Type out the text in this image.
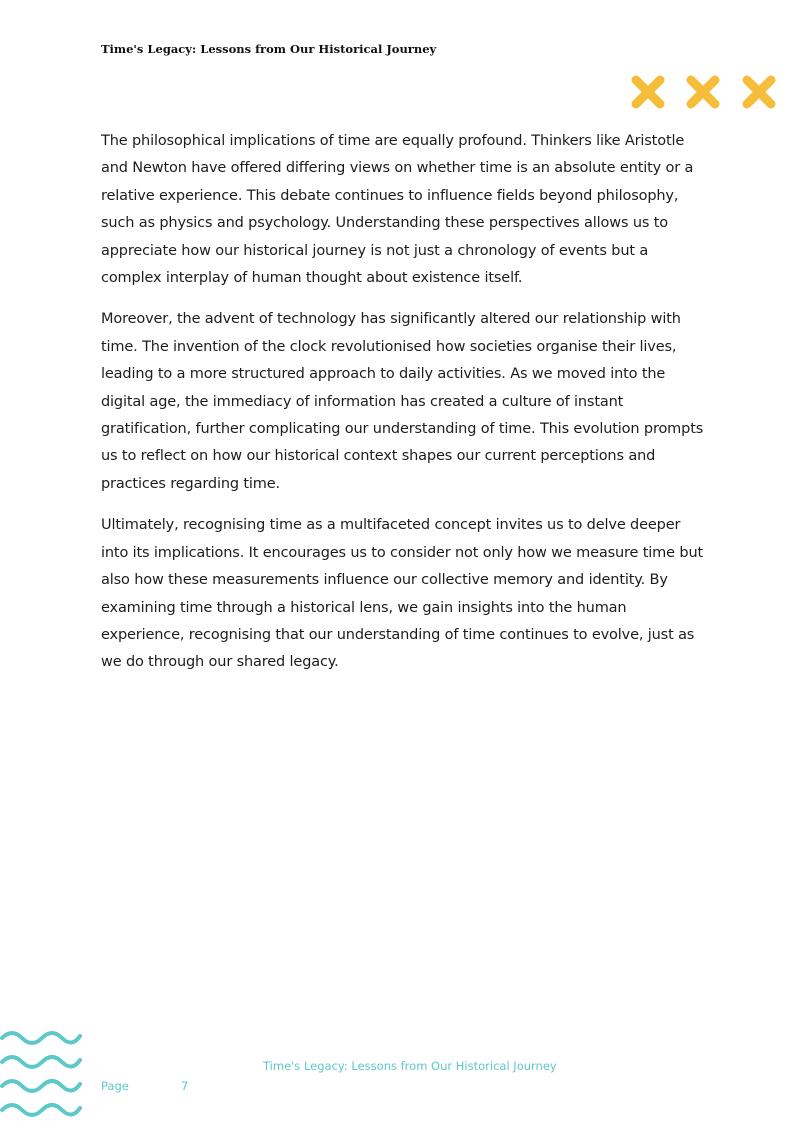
Time's Legacy: Lessons from Our Historical Journey

The philosophical implications of time are equally profound. Thinkers like Aristotle and Newton have offered differing views on whether time is an absolute entity or a relative experience. This debate continues to influence fields beyond philosophy, such as physics and psychology. Understanding these perspectives allows us to appreciate how our historical journey is not just a chronology of events but a complex interplay of human thought about existence itself.

Moreover, the advent of technology has significantly altered our relationship with time. The invention of the clock revolutionised how societies organise their lives, leading to a more structured approach to daily activities. As we moved into the digital age, the immediacy of information has created a culture of instant gratification, further complicating our understanding of time. This evolution prompts us to reflect on how our historical context shapes our current perceptions and practices regarding time.

Ultimately, recognising time as a multifaceted concept invites us to delve deeper into its implications. It encourages us to consider not only how we measure time but also how these measurements influence our collective memory and identity. By examining time through a historical lens, we gain insights into the human experience, recognising that our understanding of time continues to evolve, just as we do through our shared legacy.

Time's Legacy: Lessons from Our Historical Journey
Page	7
